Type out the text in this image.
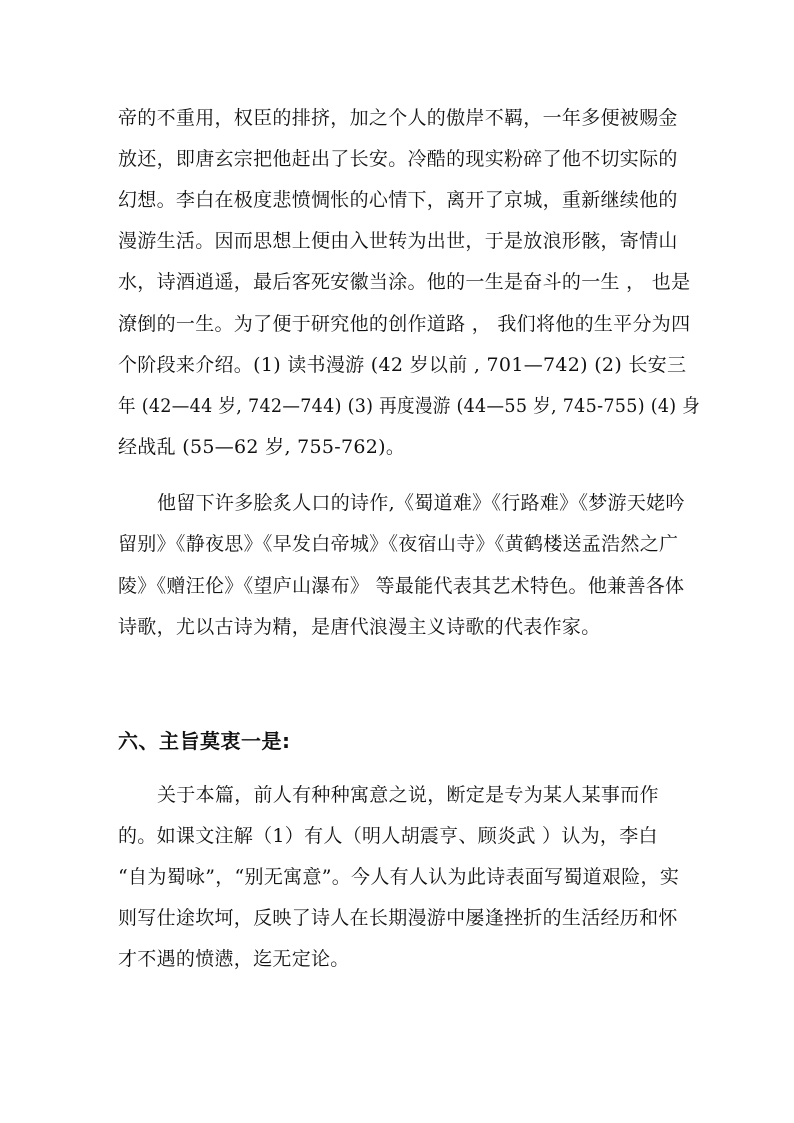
帝的不重用，权臣的排挤，加之个人的傲岸不羁，一年多便被赐金
放还，即唐玄宗把他赶出了长安。冷酷的现实粉碎了他不切实际的
幻想。李白在极度悲愤惆怅的心情下，离开了京城，重新继续他的
漫游生活。因而思想上便由入世转为出世，于是放浪形骸，寄情山
水，诗酒逍遥，最后客死安徽当涂。他的一生是奋斗的一生 ， 也是
潦倒的一生。为了便于研究他的创作道路 ， 我们将他的生平分为四
个阶段来介绍。(1) 读书漫游 (42 岁以前 , 701—742) (2) 长安三
年 (42—44 岁, 742—744) (3) 再度漫游 (44—55 岁, 745-755) (4) 身
经战乱 (55—62 岁, 755-762)。
他留下许多脍炙人口的诗作,《蜀道难》《行路难》《梦游天姥吟
留别》《静夜思》《早发白帝城》《夜宿山寺》《黄鹤楼送孟浩然之广
陵》《赠汪伦》《望庐山瀑布》 等最能代表其艺术特色。他兼善各体
诗歌，尤以古诗为精，是唐代浪漫主义诗歌的代表作家。
六、主旨莫衷一是:
关于本篇，前人有种种寓意之说，断定是专为某人某事而作
的。如课文注解（1）有人（明人胡震亨、顾炎武 ）认为，李白
“自为蜀咏”，“别无寓意”。今人有人认为此诗表面写蜀道艰险，实
则写仕途坎坷，反映了诗人在长期漫游中屡逢挫折的生活经历和怀
才不遇的愤懑，迄无定论。
